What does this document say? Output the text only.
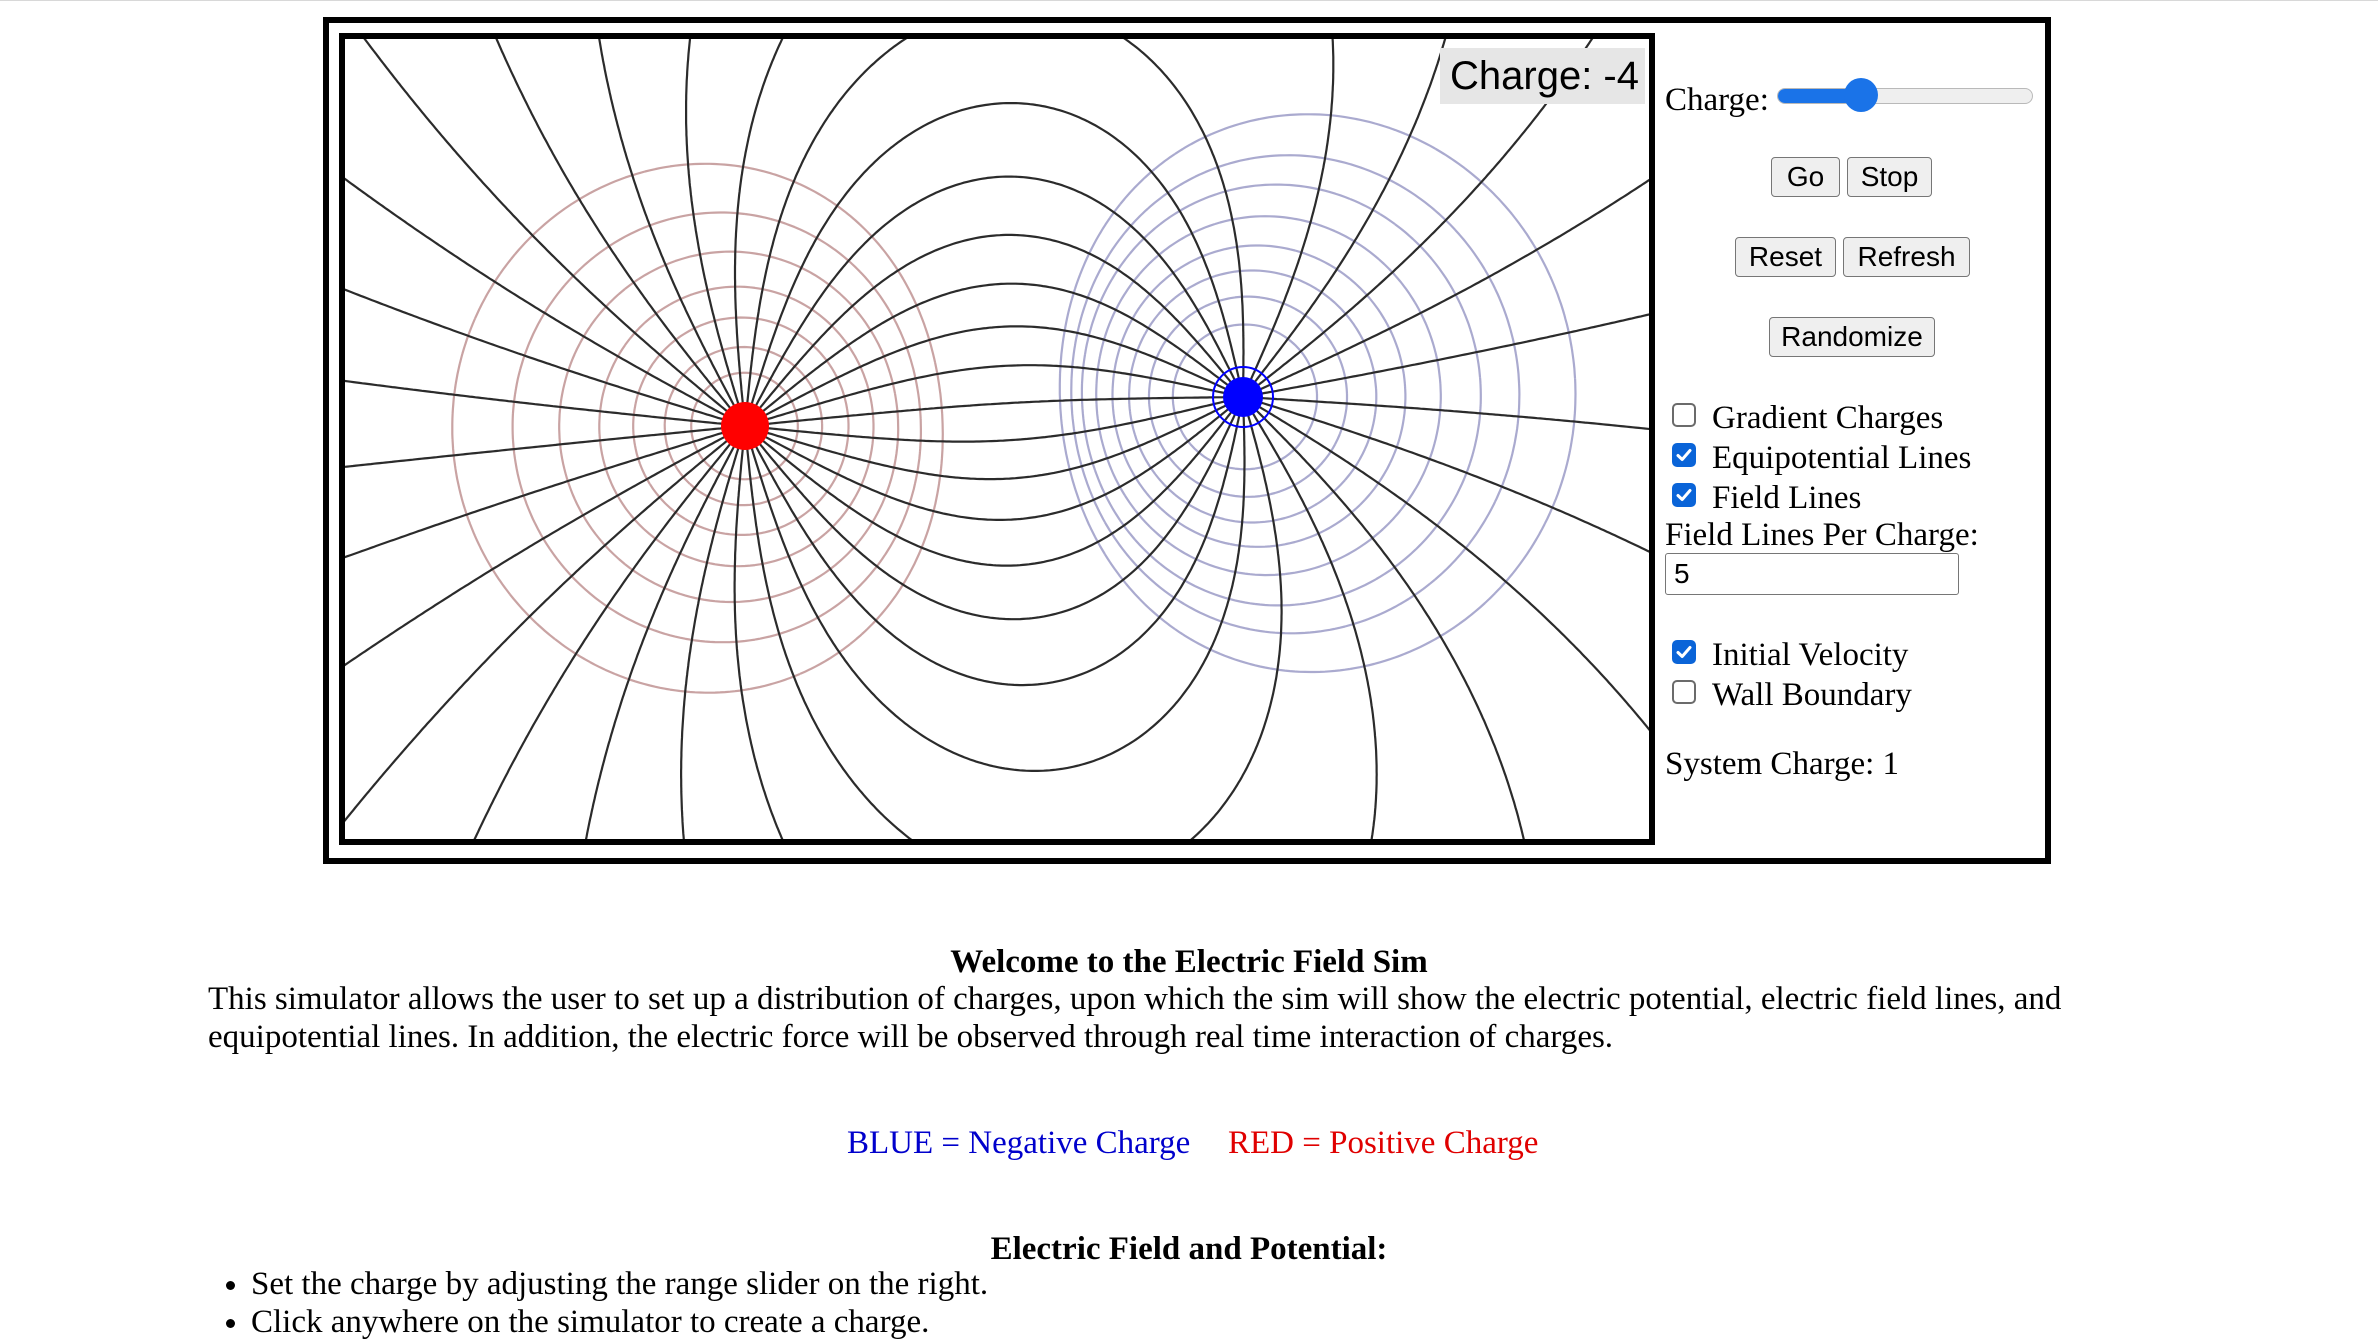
Charge: -4
Charge:
Go	Stop
Reset	Refresh
Randomize
Gradient Charges
Equipotential Lines
Field Lines
Field Lines Per Charge:
5
Initial Velocity
Wall Boundary
System Charge: 1
Welcome to the Electric Field Sim
This simulator allows the user to set up a distribution of charges, upon which the sim will show the electric potential, electric field lines, and equipotential lines. In addition, the electric force will be observed through real time interaction of charges.
BLUE = Negative Charge RED = Positive Charge
Electric Field and Potential:
• Set the charge by adjusting the range slider on the right.
• Click anywhere on the simulator to create a charge.
